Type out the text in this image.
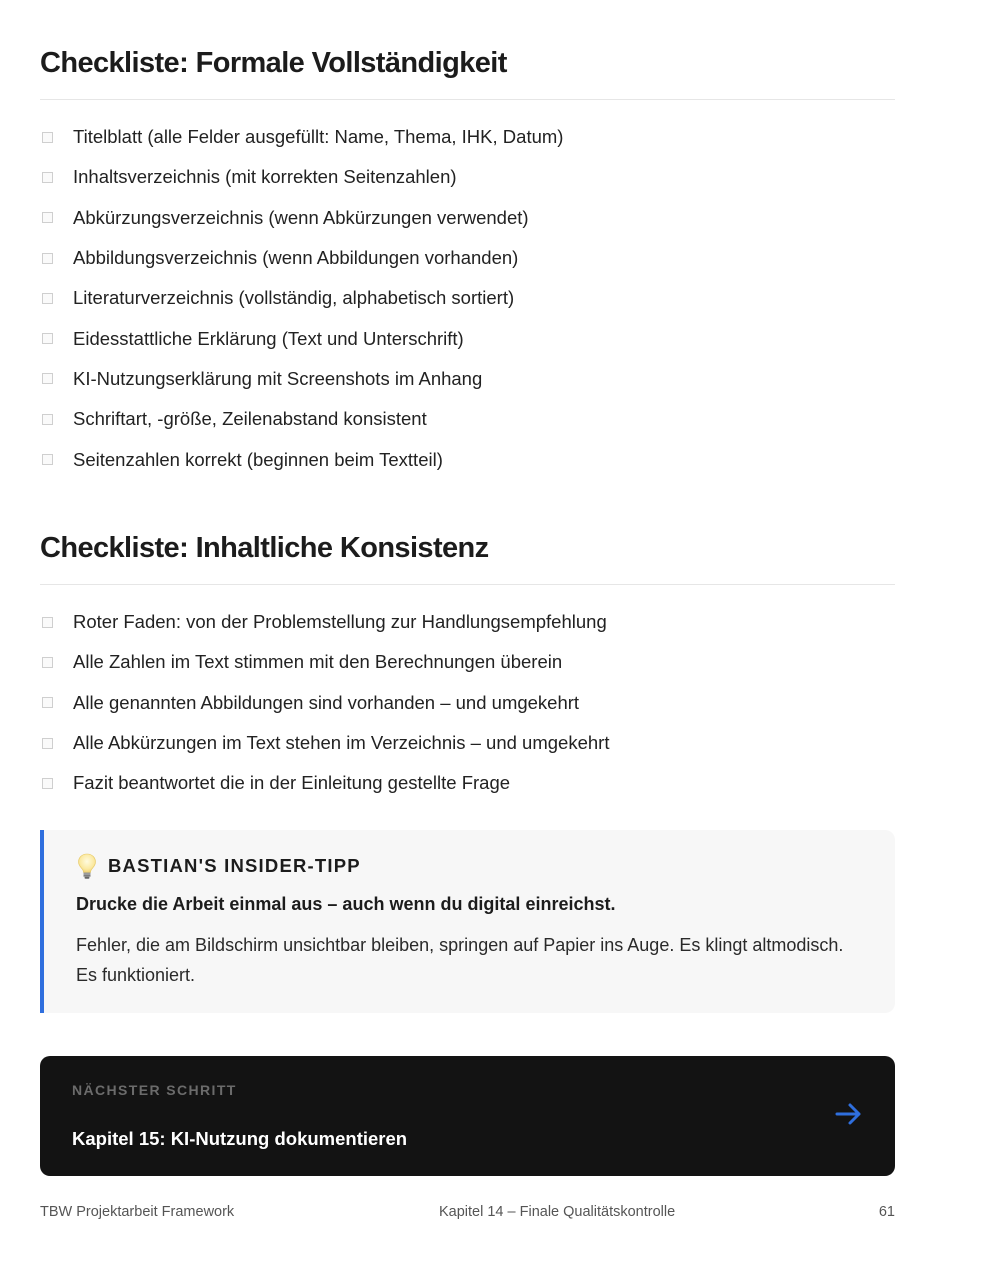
Checkliste: Formale Vollständigkeit
Titelblatt (alle Felder ausgefüllt: Name, Thema, IHK, Datum)
Inhaltsverzeichnis (mit korrekten Seitenzahlen)
Abkürzungsverzeichnis (wenn Abkürzungen verwendet)
Abbildungsverzeichnis (wenn Abbildungen vorhanden)
Literaturverzeichnis (vollständig, alphabetisch sortiert)
Eidesstattliche Erklärung (Text und Unterschrift)
KI-Nutzungserklärung mit Screenshots im Anhang
Schriftart, -größe, Zeilenabstand konsistent
Seitenzahlen korrekt (beginnen beim Textteil)
Checkliste: Inhaltliche Konsistenz
Roter Faden: von der Problemstellung zur Handlungsempfehlung
Alle Zahlen im Text stimmen mit den Berechnungen überein
Alle genannten Abbildungen sind vorhanden – und umgekehrt
Alle Abkürzungen im Text stehen im Verzeichnis – und umgekehrt
Fazit beantwortet die in der Einleitung gestellte Frage
BASTIAN'S INSIDER-TIPP
Drucke die Arbeit einmal aus – auch wenn du digital einreichst.
Fehler, die am Bildschirm unsichtbar bleiben, springen auf Papier ins Auge. Es klingt altmodisch. Es funktioniert.
NÄCHSTER SCHRITT
Kapitel 15: KI-Nutzung dokumentieren
TBW Projektarbeit Framework	Kapitel 14 – Finale Qualitätskontrolle	61
